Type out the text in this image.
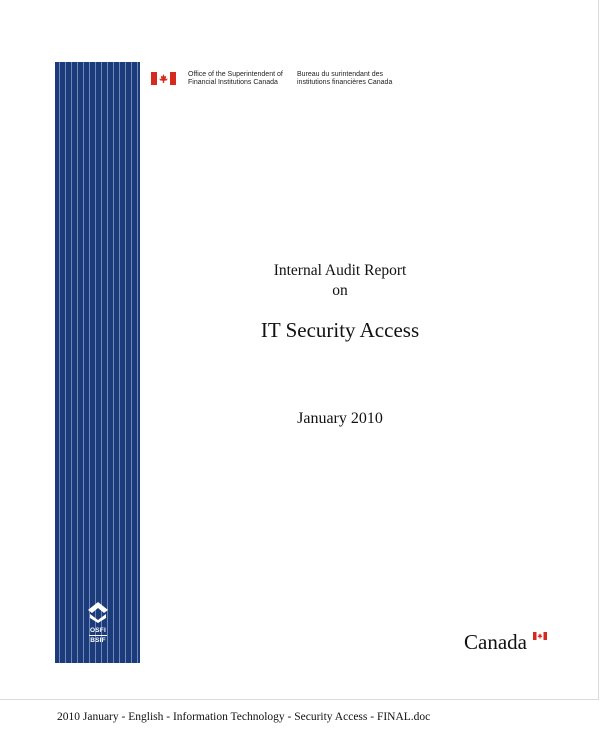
OSFI
BSIF
Office of the Superintendent of
Financial Institutions Canada
Bureau du surintendant des
institutions financières Canada
Internal Audit Report
on
IT Security Access
January 2010
Canada
2010 January - English - Information Technology - Security Access - FINAL.doc
